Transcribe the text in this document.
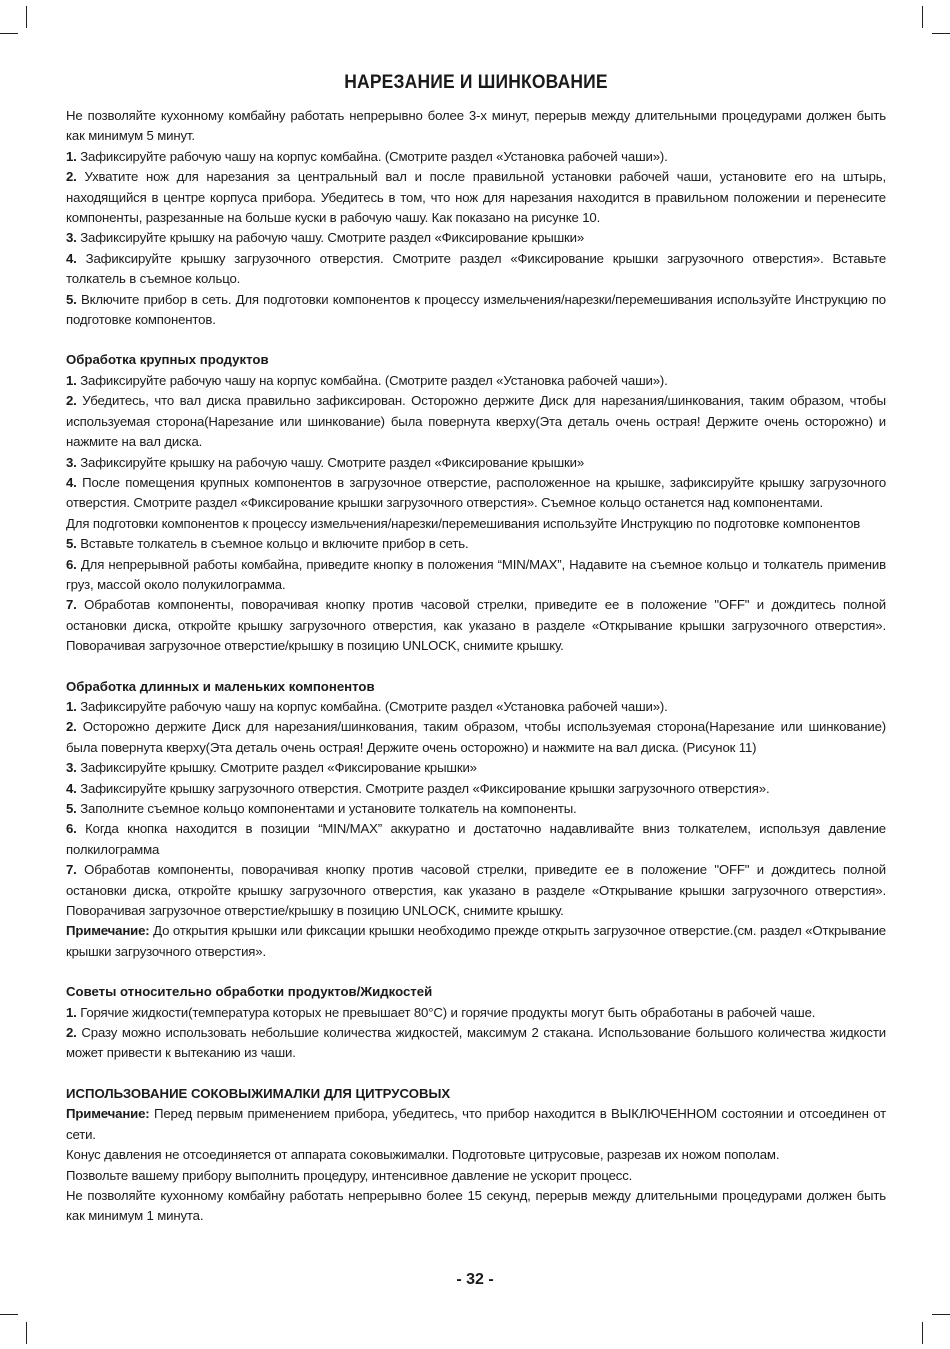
НАРЕЗАНИЕ И ШИНКОВАНИЕ

Не позволяйте кухонному комбайну работать непрерывно более 3-х минут, перерыв между длительными процедурами должен быть как минимум 5 минут.

1. Зафиксируйте рабочую чашу на корпус комбайна. (Смотрите раздел «Установка рабочей чаши»).

2. Ухватите нож для нарезания за центральный вал и после правильной установки рабочей чаши, установите его на штырь, находящийся в центре корпуса прибора. Убедитесь в том, что нож для нарезания находится в правильном положении и перенесите компоненты, разрезанные на больше куски в рабочую чашу. Как показано на рисунке 10.

3. Зафиксируйте крышку на рабочую чашу. Смотрите раздел «Фиксирование крышки»

4. Зафиксируйте крышку загрузочного отверстия. Смотрите раздел «Фиксирование крышки загрузочного отверстия». Вставьте толкатель в съемное кольцо.

5. Включите прибор в сеть. Для подготовки компонентов к процессу измельчения/нарезки/перемешивания используйте Инструкцию по подготовке компонентов.

Обработка крупных продуктов

1. Зафиксируйте рабочую чашу на корпус комбайна. (Смотрите раздел «Установка рабочей чаши»).

2. Убедитесь, что вал диска правильно зафиксирован. Осторожно держите Диск для нарезания/шинкования, таким образом, чтобы используемая сторона(Нарезание или шинкование) была повернута кверху(Эта деталь очень острая! Держите очень осторожно) и нажмите на вал диска.

3. Зафиксируйте крышку на рабочую чашу. Смотрите раздел «Фиксирование крышки»

4. После помещения крупных компонентов в загрузочное отверстие, расположенное на крышке, зафиксируйте крышку загрузочного отверстия. Смотрите раздел «Фиксирование крышки загрузочного отверстия». Съемное кольцо останется над компонентами.

Для подготовки компонентов к процессу измельчения/нарезки/перемешивания используйте Инструкцию по подготовке компонентов

5. Вставьте толкатель в съемное кольцо и включите прибор в сеть.

6. Для непрерывной работы комбайна, приведите кнопку в положения “MIN/MAX”, Надавите на съемное кольцо и толкатель применив груз, массой около полукилограмма.

7. Обработав компоненты, поворачивая кнопку против часовой стрелки, приведите ее в положение "OFF" и дождитесь полной остановки диска, откройте крышку загрузочного отверстия, как указано в разделе «Открывание крышки загрузочного отверстия». Поворачивая загрузочное отверстие/крышку в позицию UNLOCK, снимите крышку.

Обработка длинных и маленьких компонентов

1. Зафиксируйте рабочую чашу на корпус комбайна. (Смотрите раздел «Установка рабочей чаши»).

2. Осторожно держите Диск для нарезания/шинкования, таким образом, чтобы используемая сторона(Нарезание или шинкование) была повернута кверху(Эта деталь очень острая! Держите очень осторожно) и нажмите на вал диска. (Рисунок 11)

3. Зафиксируйте крышку. Смотрите раздел «Фиксирование крышки»

4. Зафиксируйте крышку загрузочного отверстия. Смотрите раздел «Фиксирование крышки загрузочного отверстия».

5. Заполните съемное кольцо компонентами и установите толкатель на компоненты.

6. Когда кнопка находится в позиции “MIN/MAX” аккуратно и достаточно надавливайте вниз толкателем, используя давление полкилограмма

7. Обработав компоненты, поворачивая кнопку против часовой стрелки, приведите ее в положение "OFF" и дождитесь полной остановки диска, откройте крышку загрузочного отверстия, как указано в разделе «Открывание крышки загрузочного отверстия». Поворачивая загрузочное отверстие/крышку в позицию UNLOCK, снимите крышку.

Примечание: До открытия крышки или фиксации крышки необходимо прежде открыть загрузочное отверстие.(см. раздел «Открывание крышки загрузочного отверстия».

Советы относительно обработки продуктов/Жидкостей

1. Горячие жидкости(температура которых не превышает 80°C) и горячие продукты могут быть обработаны в рабочей чаше.

2. Сразу можно использовать небольшие количества жидкостей, максимум 2 стакана. Использование большого количества жидкости может привести к вытеканию из чаши.

ИСПОЛЬЗОВАНИЕ СОКОВЫЖИМАЛКИ ДЛЯ ЦИТРУСОВЫХ

Примечание: Перед первым применением прибора, убедитесь, что прибор находится в ВЫКЛЮЧЕННОМ состоянии и отсоединен от сети.

Конус давления не отсоединяется от аппарата соковыжималки. Подготовьте цитрусовые, разрезав их ножом пополам.

Позвольте вашему прибору выполнить процедуру, интенсивное давление не ускорит процесс.

Не позволяйте кухонному комбайну работать непрерывно более 15 секунд, перерыв между длительными процедурами должен быть как минимум 1 минута.

- 32 -
